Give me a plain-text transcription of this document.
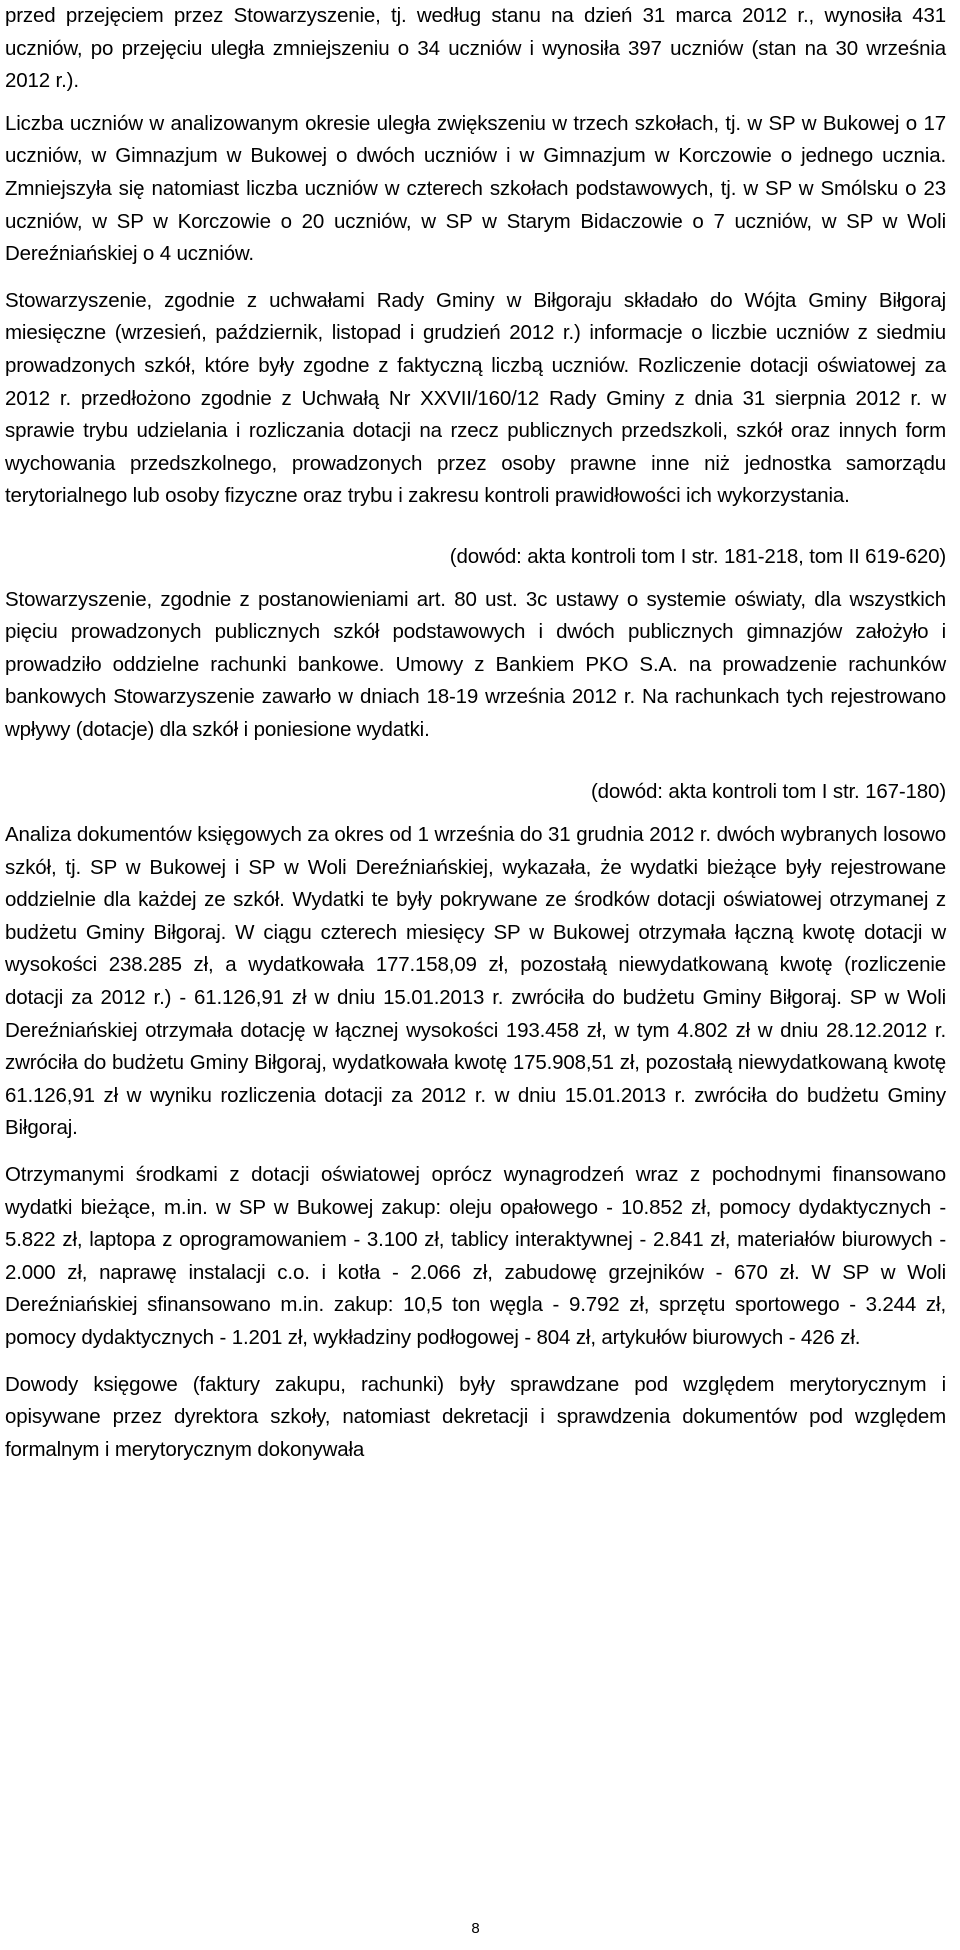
przed przejęciem przez Stowarzyszenie, tj. według stanu na dzień 31 marca 2012 r., wynosiła 431 uczniów, po przejęciu uległa zmniejszeniu o 34 uczniów i wynosiła 397 uczniów (stan na 30 września 2012 r.).

Liczba uczniów w analizowanym okresie uległa zwiększeniu w trzech szkołach, tj. w SP w Bukowej o 17 uczniów, w Gimnazjum w Bukowej o dwóch uczniów i w Gimnazjum w Korczowie o jednego ucznia. Zmniejszyła się natomiast liczba uczniów w czterech szkołach podstawowych, tj. w SP w Smólsku o 23 uczniów, w SP w Korczowie o 20 uczniów, w SP w Starym Bidaczowie o 7 uczniów, w SP w Woli Dereźniańskiej o 4 uczniów.

Stowarzyszenie, zgodnie z uchwałami Rady Gminy w Biłgoraju składało do Wójta Gminy Biłgoraj miesięczne (wrzesień, październik, listopad i grudzień 2012 r.) informacje o liczbie uczniów z siedmiu prowadzonych szkół, które były zgodne z faktyczną liczbą uczniów. Rozliczenie dotacji oświatowej za 2012 r. przedłożono zgodnie z Uchwałą Nr XXVII/160/12 Rady Gminy z dnia 31 sierpnia 2012 r. w sprawie trybu udzielania i rozliczania dotacji na rzecz publicznych przedszkoli, szkół oraz innych form wychowania przedszkolnego, prowadzonych przez osoby prawne inne niż jednostka samorządu terytorialnego lub osoby fizyczne oraz trybu i zakresu kontroli prawidłowości ich wykorzystania.

(dowód: akta kontroli tom I str. 181-218, tom II 619-620)

Stowarzyszenie, zgodnie z postanowieniami art. 80 ust. 3c ustawy o systemie oświaty, dla wszystkich pięciu prowadzonych publicznych szkół podstawowych i dwóch publicznych gimnazjów założyło i prowadziło oddzielne rachunki bankowe. Umowy z Bankiem PKO S.A. na prowadzenie rachunków bankowych Stowarzyszenie zawarło w dniach 18-19 września 2012 r. Na rachunkach tych rejestrowano wpływy (dotacje) dla szkół i poniesione wydatki.

(dowód: akta kontroli tom I str. 167-180)

Analiza dokumentów księgowych za okres od 1 września do 31 grudnia 2012 r. dwóch wybranych losowo szkół, tj. SP w Bukowej i SP w Woli Dereźniańskiej, wykazała, że wydatki bieżące były rejestrowane oddzielnie dla każdej ze szkół. Wydatki te były pokrywane ze środków dotacji oświatowej otrzymanej z budżetu Gminy Biłgoraj. W ciągu czterech miesięcy SP w Bukowej otrzymała łączną kwotę dotacji w wysokości 238.285 zł, a wydatkowała 177.158,09 zł, pozostałą niewydatkowaną kwotę (rozliczenie dotacji za 2012 r.) - 61.126,91 zł w dniu 15.01.2013 r. zwróciła do budżetu Gminy Biłgoraj. SP w Woli Dereźniańskiej otrzymała dotację w łącznej wysokości 193.458 zł, w tym 4.802 zł w dniu 28.12.2012 r. zwróciła do budżetu Gminy Biłgoraj, wydatkowała kwotę 175.908,51 zł, pozostałą niewydatkowaną kwotę 61.126,91 zł w wyniku rozliczenia dotacji za 2012 r. w dniu 15.01.2013 r. zwróciła do budżetu Gminy Biłgoraj.

Otrzymanymi środkami z dotacji oświatowej oprócz wynagrodzeń wraz z pochodnymi finansowano wydatki bieżące, m.in. w SP w Bukowej zakup: oleju opałowego - 10.852 zł, pomocy dydaktycznych - 5.822 zł, laptopa z oprogramowaniem - 3.100 zł, tablicy interaktywnej - 2.841 zł, materiałów biurowych - 2.000 zł, naprawę instalacji c.o. i kotła - 2.066 zł, zabudowę grzejników - 670 zł. W SP w Woli Dereźniańskiej sfinansowano m.in. zakup: 10,5 ton węgla - 9.792 zł, sprzętu sportowego - 3.244 zł, pomocy dydaktycznych - 1.201 zł, wykładziny podłogowej - 804 zł, artykułów biurowych - 426 zł.

Dowody księgowe (faktury zakupu, rachunki) były sprawdzane pod względem merytorycznym i opisywane przez dyrektora szkoły, natomiast dekretacji i sprawdzenia dokumentów pod względem formalnym i merytorycznym dokonywała

8
